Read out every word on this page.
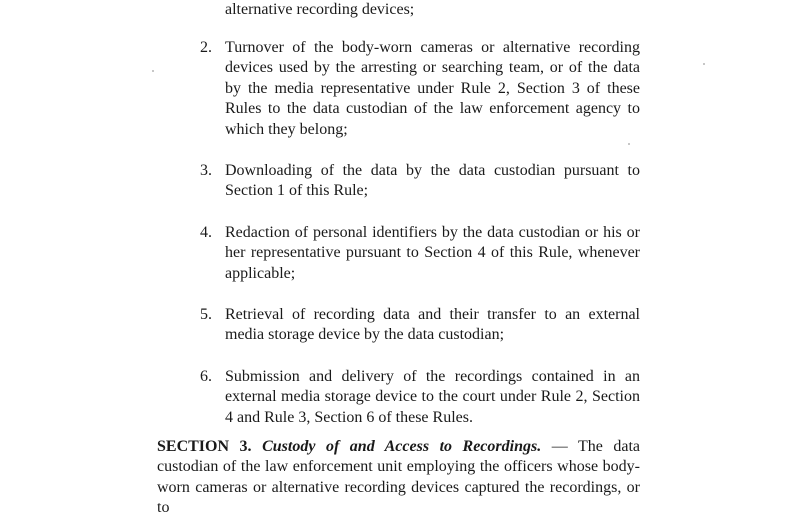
alternative recording devices;

2. Turnover of the body-worn cameras or alternative recording devices used by the arresting or searching team, or of the data by the media representative under Rule 2, Section 3 of these Rules to the data custodian of the law enforcement agency to which they belong;
3. Downloading of the data by the data custodian pursuant to Section 1 of this Rule;
4. Redaction of personal identifiers by the data custodian or his or her representative pursuant to Section 4 of this Rule, whenever applicable;
5. Retrieval of recording data and their transfer to an external media storage device by the data custodian;
6. Submission and delivery of the recordings contained in an external media storage device to the court under Rule 2, Section 4 and Rule 3, Section 6 of these Rules.

SECTION 3. Custody of and Access to Recordings. — The data custodian of the law enforcement unit employing the officers whose body-worn cameras or alternative recording devices captured the recordings, or to
